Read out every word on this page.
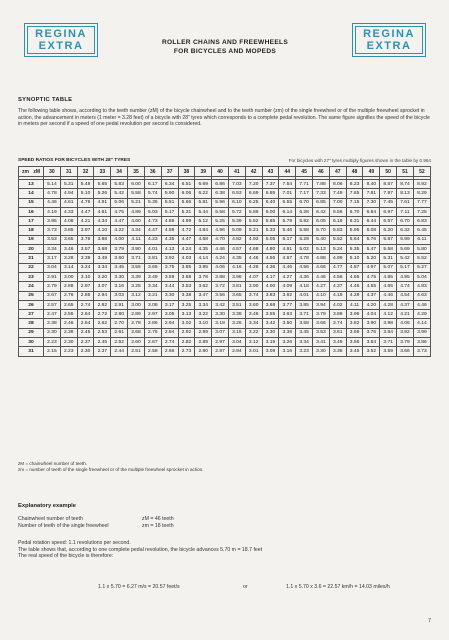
REGINA
EXTRA
REGINA
EXTRA
ROLLER CHAINS AND FREEWHEELS
FOR BICYCLES AND MOPEDS
SYNOPTIC TABLE
The following table shows, according to the teeth number (zM) of the bicycle chainwheel and to the teeth number (zm) of the single freewheel or of the multiple freewheel sprocket in action, the advancement in meters (1 meter = 3.28 feet) of a bicycle with 28" tyres which corresponds to a complete pedal revolution. The same figure signifies the speed of the bicycle in meters per second if a speed of one pedal revolution per second is considered.
SPEED RATIOS FOR BICYCLES WITH 28" TYRES	For bicycles with 27" tyres multiply figures shown in the table by 0.964
zM
zm	30	31	32	33	34	35	36	37	38	39	40	41	42	43	44	45	46	47	48	49	50	51	52

13	5.14	5.31	5.48	5.65	5.83	6.00	6.17	6.34	6.51	6.69	6.86	7.03	7.20	7.37	7.54	7.71	7.88	8.06	8.23	8.40	8.57	8.74	8.92
14	4.78	4.94	5.10	5.26	5.42	5.58	5.74	5.90	6.06	6.22	6.38	6.53	6.69	6.85	7.01	7.17	7.33	7.49	7.65	7.81	7.97	8.13	8.29
15	4.46	4.61	4.76	4.91	5.06	5.21	5.36	5.51	5.66	5.81	5.96	6.10	6.25	6.40	6.55	6.70	6.85	7.00	7.15	7.30	7.45	7.61	7.77
16	4.19	4.33	4.47	4.61	4.75	4.89	5.03	5.17	5.31	5.44	5.58	5.72	5.86	6.00	6.14	6.28	6.42	6.56	6.70	6.84	6.97	7.11	7.25
17	3.95	4.08	4.21	4.34	4.47	4.60	4.73	4.86	4.99	5.12	5.25	5.39	5.52	5.65	5.78	5.92	6.05	6.18	6.31	6.44	6.57	6.70	6.83
18	3.73	3.85	3.97	4.10	4.22	4.34	4.47	4.59	4.72	4.84	4.96	5.09	5.21	5.33	5.46	5.58	5.70	5.83	5.95	6.08	6.20	6.32	6.45
19	3.53	3.65	3.76	3.88	4.00	4.11	4.23	4.35	4.47	4.58	4.70	4.82	4.93	5.05	5.17	5.29	5.40	5.52	5.64	5.76	5.87	5.99	6.11
20	3.34	3.46	3.57	3.68	3.79	3.90	4.01	4.13	4.24	4.35	4.46	4.57	4.68	4.80	4.91	5.02	5.13	5.24	5.35	5.47	5.58	5.69	5.80
21	3.17	3.28	3.39	3.49	3.60	3.71	3.81	3.92	4.03	4.14	4.24	4.35	4.46	4.56	4.67	4.78	4.88	4.99	5.10	5.20	5.31	5.42	5.52
22	3.04	3.14	3.24	3.34	3.45	3.55	3.65	3.75	3.85	3.95	4.06	4.16	4.26	4.36	4.46	4.56	4.66	4.77	4.87	4.97	5.07	5.17	5.27
23	2.91	3.00	3.10	3.20	3.30	3.39	3.49	3.59	3.68	3.78	3.88	3.98	4.07	4.17	4.27	4.36	4.46	4.56	4.66	4.75	4.85	4.95	5.04
24	2.79	2.88	2.97	3.07	3.16	3.25	3.34	3.44	3.53	3.62	3.72	3.81	3.90	4.00	4.09	4.18	4.27	4.37	4.46	4.55	4.65	4.74	4.83
25	2.67	2.76	2.85	2.94	3.03	3.12	3.21	3.30	3.38	3.47	3.56	3.65	3.74	3.83	3.92	4.01	4.10	4.19	4.28	4.37	4.46	4.54	4.63
26	2.57	2.65	2.74	2.82	2.91	3.00	3.08	3.17	3.25	3.34	3.42	3.51	3.60	3.68	3.77	3.85	3.94	4.02	4.11	4.20	4.28	4.37	4.46
27	2.47	2.55	2.64	2.72	2.80	2.89	2.97	3.05	3.13	3.22	3.30	3.38	3.46	3.55	3.63	3.71	3.79	3.88	3.96	4.04	4.12	4.21	4.29
28	2.38	2.46	2.54	2.62	2.70	2.78	2.86	2.94	3.02	3.10	3.18	3.26	3.34	3.42	3.50	3.58	3.66	3.74	3.82	3.90	3.98	4.06	4.14
29	2.30	2.38	2.45	2.53	2.61	2.68	2.76	2.84	2.92	2.99	3.07	3.15	3.22	3.30	3.38	3.45	3.53	3.61	3.69	3.76	3.84	3.92	3.99
30	2.23	2.30	2.37	2.45	2.52	2.60	2.67	2.74	2.82	2.89	2.97	3.04	3.12	3.19	3.26	3.34	3.41	3.49	3.56	3.64	3.71	3.79	3.86
31	2.15	2.23	2.30	2.37	2.44	2.51	2.58	2.66	2.73	2.80	2.87	2.94	3.01	3.09	3.16	3.23	3.30	3.38	3.45	3.52	3.59	3.66	3.73
zM = chainwheel number of teeth.
zm = number of teeth of the single freewheel or of the multiple freewheel sprocket in action.
Explanatory example
Chainwheel number of teeth	zM = 46 teeth
Number of teeth of the single freewheel	zm = 18 teeth
Pedal rotation speed: 1.1 revolutions per second.
The table shows that, according to one complete pedal revolution, the bicycle advances 5.70 m = 18.7 feet
The real speed of the bicycle is therefore:
1.1 x 5.70 = 6.27 m/s = 20.57 feet/s	or	1.1 x 5.70 x 3.6 = 22.57 km/h = 14.03 miles/h
7
